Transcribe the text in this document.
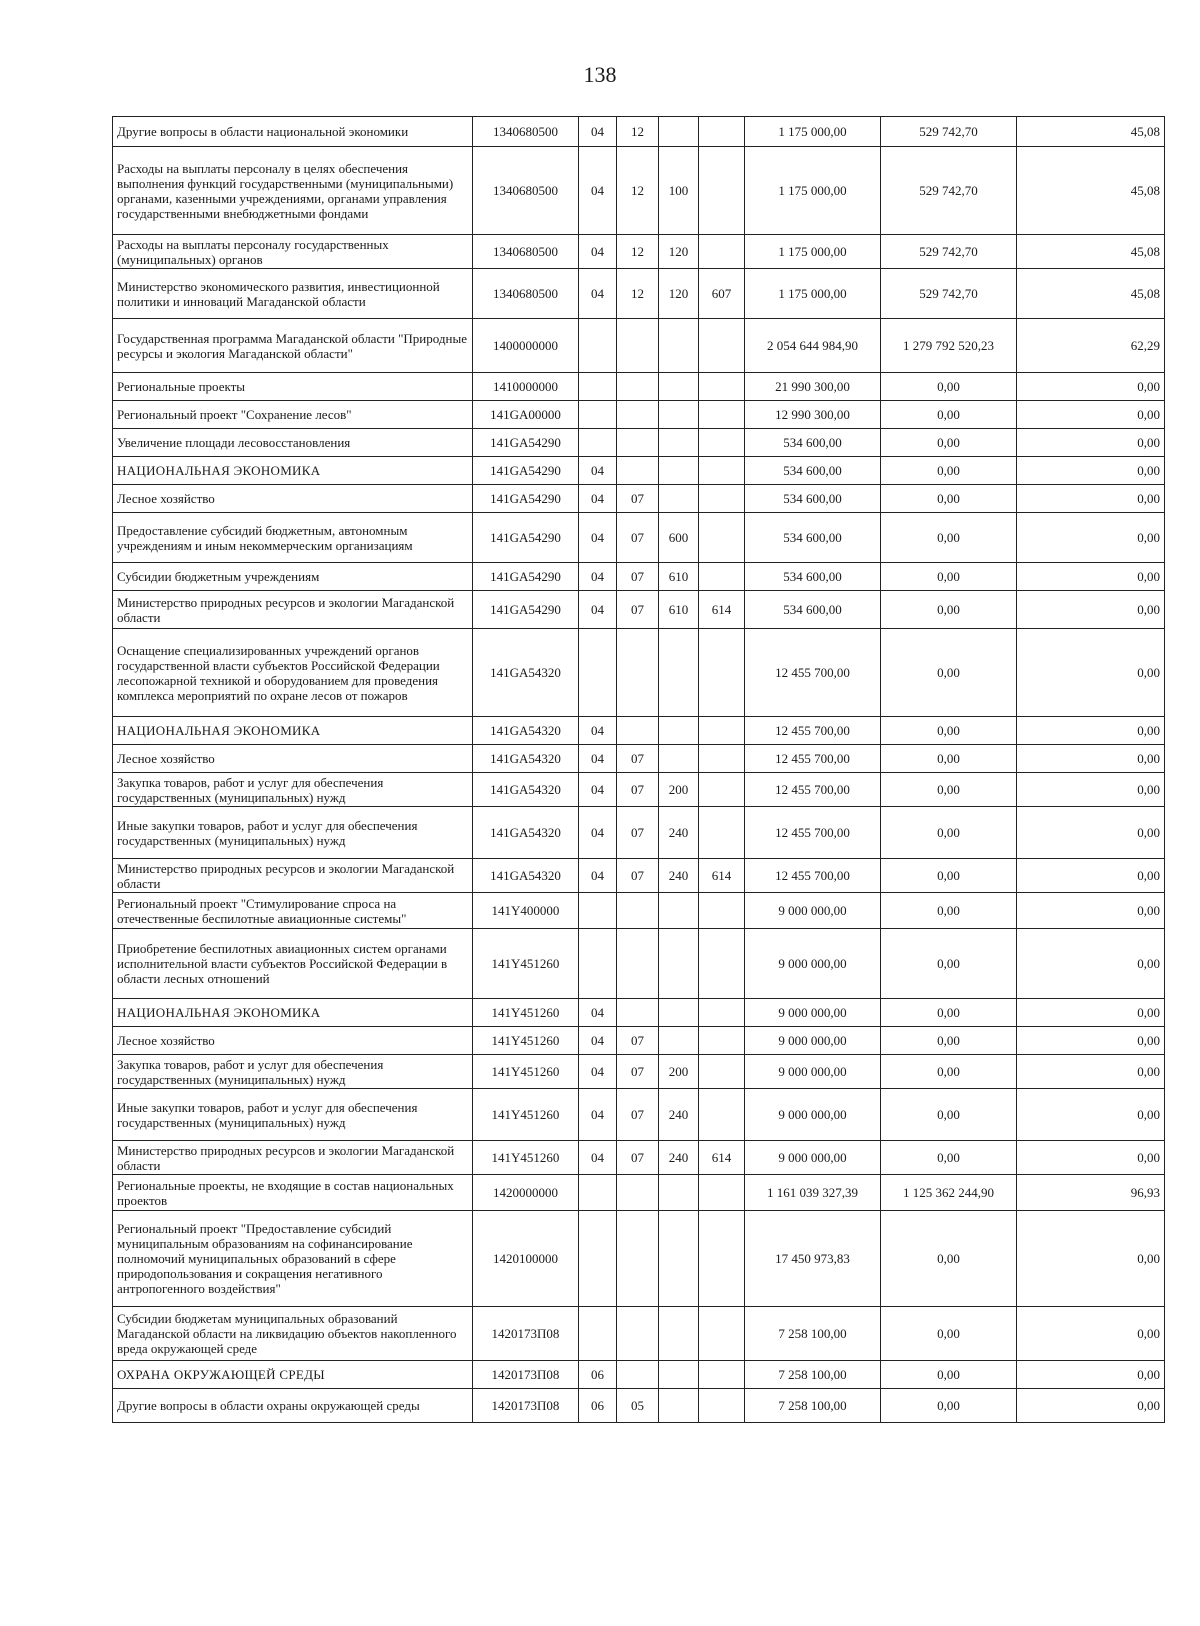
138
Другие вопросы в области национальной экономики	1340680500	04	12			1 175 000,00	529 742,70	45,08
Расходы на выплаты персоналу в целях обеспечения выполнения функций государственными (муниципальными) органами, казенными учреждениями, органами управления государственными внебюджетными фондами	1340680500	04	12	100		1 175 000,00	529 742,70	45,08
Расходы на выплаты персоналу государственных (муниципальных) органов	1340680500	04	12	120		1 175 000,00	529 742,70	45,08
Министерство экономического развития, инвестиционной политики и инноваций Магаданской области	1340680500	04	12	120	607	1 175 000,00	529 742,70	45,08
Государственная программа Магаданской области "Природные ресурсы и экология Магаданской области"	1400000000					2 054 644 984,90	1 279 792 520,23	62,29
Региональные проекты	1410000000					21 990 300,00	0,00	0,00
Региональный проект "Сохранение лесов"	141GA00000					12 990 300,00	0,00	0,00
Увеличение площади лесовосстановления	141GA54290					534 600,00	0,00	0,00
НАЦИОНАЛЬНАЯ ЭКОНОМИКА	141GA54290	04				534 600,00	0,00	0,00
Лесное хозяйство	141GA54290	04	07			534 600,00	0,00	0,00
Предоставление субсидий бюджетным, автономным учреждениям и иным некоммерческим организациям	141GA54290	04	07	600		534 600,00	0,00	0,00
Субсидии бюджетным учреждениям	141GA54290	04	07	610		534 600,00	0,00	0,00
Министерство природных ресурсов и экологии Магаданской области	141GA54290	04	07	610	614	534 600,00	0,00	0,00
Оснащение специализированных учреждений органов государственной власти субъектов Российской Федерации лесопожарной техникой и оборудованием для проведения комплекса мероприятий по охране лесов от пожаров	141GA54320					12 455 700,00	0,00	0,00
НАЦИОНАЛЬНАЯ ЭКОНОМИКА	141GA54320	04				12 455 700,00	0,00	0,00
Лесное хозяйство	141GA54320	04	07			12 455 700,00	0,00	0,00
Закупка товаров, работ и услуг для обеспечения государственных (муниципальных) нужд	141GA54320	04	07	200		12 455 700,00	0,00	0,00
Иные закупки товаров, работ и услуг для обеспечения государственных (муниципальных) нужд	141GA54320	04	07	240		12 455 700,00	0,00	0,00
Министерство природных ресурсов и экологии Магаданской области	141GA54320	04	07	240	614	12 455 700,00	0,00	0,00
Региональный проект "Стимулирование спроса на отечественные беспилотные авиационные системы"	141Y400000					9 000 000,00	0,00	0,00
Приобретение беспилотных авиационных систем органами исполнительной власти субъектов Российской Федерации в области лесных отношений	141Y451260					9 000 000,00	0,00	0,00
НАЦИОНАЛЬНАЯ ЭКОНОМИКА	141Y451260	04				9 000 000,00	0,00	0,00
Лесное хозяйство	141Y451260	04	07			9 000 000,00	0,00	0,00
Закупка товаров, работ и услуг для обеспечения государственных (муниципальных) нужд	141Y451260	04	07	200		9 000 000,00	0,00	0,00
Иные закупки товаров, работ и услуг для обеспечения государственных (муниципальных) нужд	141Y451260	04	07	240		9 000 000,00	0,00	0,00
Министерство природных ресурсов и экологии Магаданской области	141Y451260	04	07	240	614	9 000 000,00	0,00	0,00
Региональные проекты, не входящие в состав национальных проектов	1420000000					1 161 039 327,39	1 125 362 244,90	96,93
Региональный проект "Предоставление субсидий муниципальным образованиям на софинансирование полномочий муниципальных образований в сфере природопользования и сокращения негативного антропогенного воздействия"	1420100000					17 450 973,83	0,00	0,00
Субсидии бюджетам муниципальных образований Магаданской области на ликвидацию объектов накопленного вреда окружающей среде	1420173П08					7 258 100,00	0,00	0,00
ОХРАНА ОКРУЖАЮЩЕЙ СРЕДЫ	1420173П08	06				7 258 100,00	0,00	0,00
Другие вопросы в области охраны окружающей среды	1420173П08	06	05			7 258 100,00	0,00	0,00
